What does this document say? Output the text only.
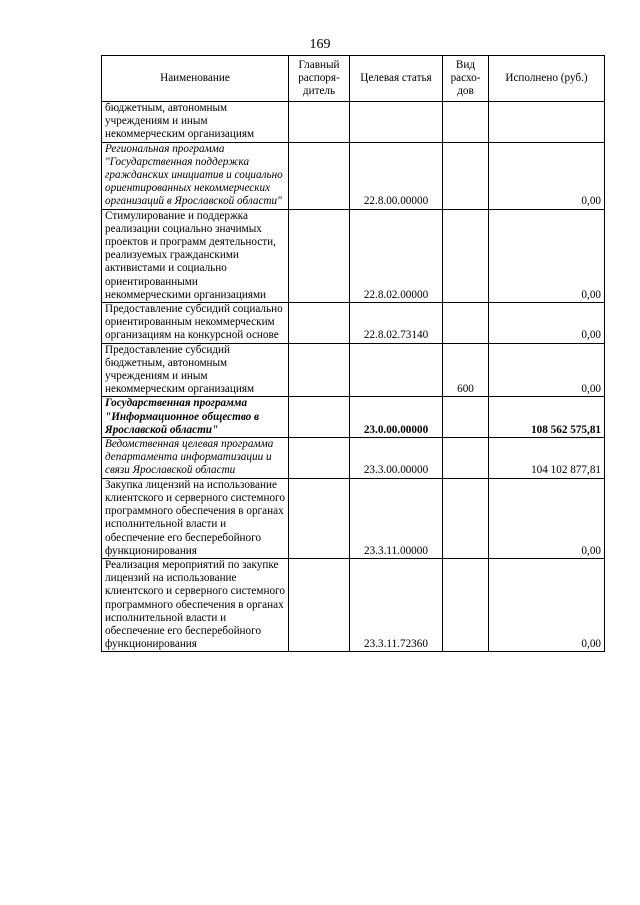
169
Наименование	Главный распоря-дитель	Целевая статья	Вид расхо-дов	Исполнено (руб.)
бюджетным, автономным учреждениям и иным некоммерческим организациям				
Региональная программа "Государственная поддержка гражданских инициатив и социально ориентированных некоммерческих организаций в Ярославской области"		22.8.00.00000		0,00
Стимулирование и поддержка реализации социально значимых проектов и программ деятельности, реализуемых гражданскими активистами и социально ориентированными некоммерческими организациями		22.8.02.00000		0,00
Предоставление субсидий социально ориентированным некоммерческим организациям на конкурсной основе		22.8.02.73140		0,00
Предоставление субсидий бюджетным, автономным учреждениям и иным некоммерческим организациям			600	0,00
Государственная программа "Информационное общество в Ярославской области"		23.0.00.00000		108 562 575,81
Ведомственная целевая программа департамента информатизации и связи Ярославской области		23.3.00.00000		104 102 877,81
Закупка лицензий на использование клиентского и серверного системного программного обеспечения в органах исполнительной власти и обеспечение его бесперебойного функционирования		23.3.11.00000		0,00
Реализация мероприятий по закупке лицензий на использование клиентского и серверного системного программного обеспечения в органах исполнительной власти и обеспечение его бесперебойного функционирования		23.3.11.72360		0,00
